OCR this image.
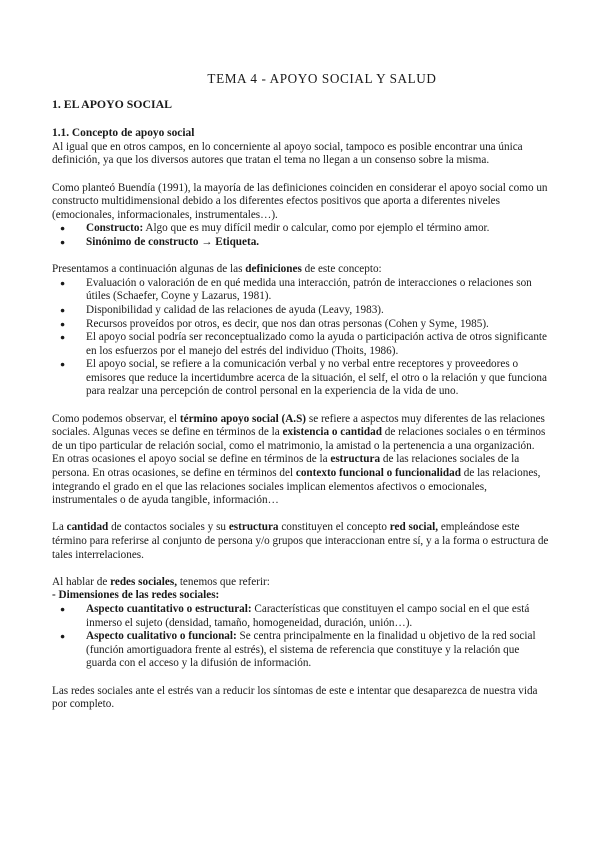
TEMA 4 - APOYO SOCIAL Y SALUD
1. EL APOYO SOCIAL
1.1. Concepto de apoyo social

Al igual que en otros campos, en lo concerniente al apoyo social, tampoco es posible encontrar una única definición, ya que los diversos autores que tratan el tema no llegan a un consenso sobre la misma.

Como planteó Buendía (1991), la mayoría de las definiciones coinciden en considerar el apoyo social como un constructo multidimensional debido a los diferentes efectos positivos que aporta a diferentes niveles (emocionales, informacionales, instrumentales…).

● Constructo: Algo que es muy difícil medir o calcular, como por ejemplo el término amor.
● Sinónimo de constructo → Etiqueta.

Presentamos a continuación algunas de las definiciones de este concepto:

● Evaluación o valoración de en qué medida una interacción, patrón de interacciones o relaciones son útiles (Schaefer, Coyne y Lazarus, 1981).
● Disponibilidad y calidad de las relaciones de ayuda (Leavy, 1983).
● Recursos proveídos por otros, es decir, que nos dan otras personas (Cohen y Syme, 1985).
● El apoyo social podría ser reconceptualizado como la ayuda o participación activa de otros significante en los esfuerzos por el manejo del estrés del individuo (Thoits, 1986).
● El apoyo social, se refiere a la comunicación verbal y no verbal entre receptores y proveedores o emisores que reduce la incertidumbre acerca de la situación, el self, el otro o la relación y que funciona para realzar una percepción de control personal en la experiencia de la vida de uno.

Como podemos observar, el término apoyo social (A.S) se refiere a aspectos muy diferentes de las relaciones sociales. Algunas veces se define en términos de la existencia o cantidad de relaciones sociales o en términos de un tipo particular de relación social, como el matrimonio, la amistad o la pertenencia a una organización.

En otras ocasiones el apoyo social se define en términos de la estructura de las relaciones sociales de la persona. En otras ocasiones, se define en términos del contexto funcional o funcionalidad de las relaciones, integrando el grado en el que las relaciones sociales implican elementos afectivos o emocionales, instrumentales o de ayuda tangible, información…

La cantidad de contactos sociales y su estructura constituyen el concepto red social, empleándose este término para referirse al conjunto de persona y/o grupos que interaccionan entre sí, y a la forma o estructura de tales interrelaciones.

Al hablar de redes sociales, tenemos que referir:

- Dimensiones de las redes sociales:

● Aspecto cuantitativo o estructural: Características que constituyen el campo social en el que está inmerso el sujeto (densidad, tamaño, homogeneidad, duración, unión…).
● Aspecto cualitativo o funcional: Se centra principalmente en la finalidad u objetivo de la red social (función amortiguadora frente al estrés), el sistema de referencia que constituye y la relación que guarda con el acceso y la difusión de información.

Las redes sociales ante el estrés van a reducir los síntomas de este e intentar que desaparezca de nuestra vida por completo.
